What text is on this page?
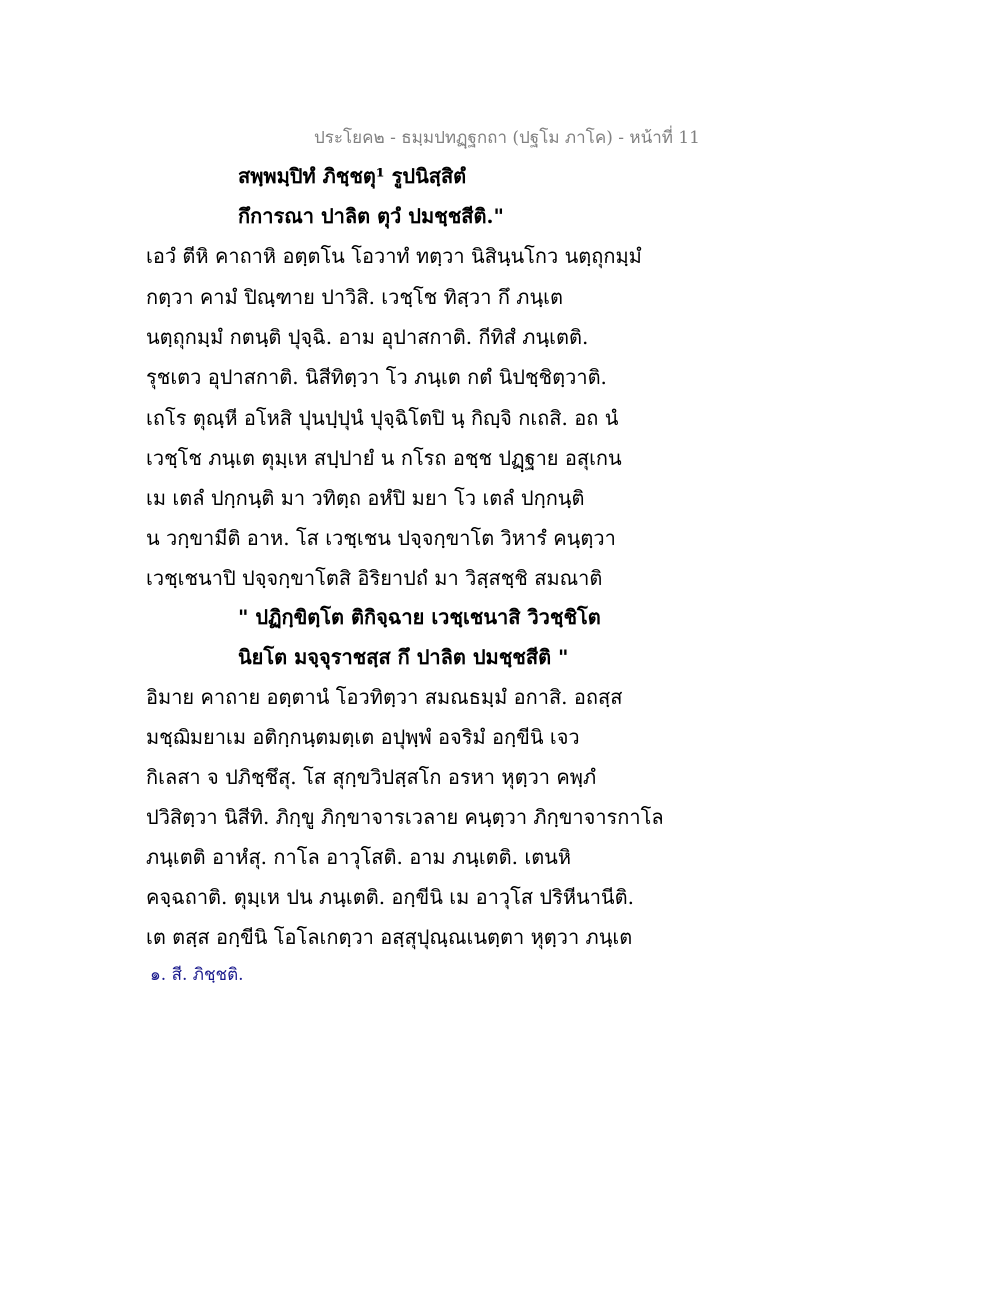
ประโยค๒ - ธมฺมปทฏฺฐกถา (ปฐโม ภาโค) - หน้าที่ 11
สพฺพมฺปิทํ ภิชฺชตุ¹ รูปนิสฺสิตํ
กึการณา ปาลิต ตุวํ ปมชฺชสีติ."
เอวํ ตีหิ คาถาหิ อตฺตโน โอวาทํ ทตฺวา นิสินฺนโกว นตฺถุกมฺมํ
กตฺวา คามํ ปิณฺฑาย ปาวิสิ. เวชฺโช ทิสฺวา กึ ภนฺเต
นตฺถุกมฺมํ กตนฺติ ปุจฺฉิ. อาม อุปาสกาติ. กีทิสํ ภนฺเตติ.
รุชเตว อุปาสกาติ. นิสีทิตฺวา โว ภนฺเต กตํ นิปชฺชิตฺวาติ.
เถโร ตุณฺหี อโหสิ ปุนปฺปุนํ ปุจฺฉิโตปิ นฺ กิญฺจิ กเถสิ. อถ นํ
เวชฺโช ภนฺเต ตุมฺเห สปฺปายํ น กโรถ อชฺช ปฏฺฐาย อสุเกน
เม เตลํ ปกฺกนฺติ มา วทิตฺถ อหํปิ มยา โว เตลํ ปกฺกนฺติ
น วกฺขามีติ อาห. โส เวชฺเชน ปจฺจกฺขาโต วิหารํ คนฺตฺวา
เวชฺเชนาปิ ปจฺจกฺขาโตสิ อิริยาปถํ มา วิสฺสชฺชิ สมณาติ
" ปฏิกฺขิตฺโต ติกิจฺฉาย เวชฺเชนาสิ วิวชฺชิโต
นิยโต มจฺจุราชสฺส กึ ปาลิต ปมชฺชสีติ "
อิมาย คาถาย อตฺตานํ โอวทิตฺวา สมณธมฺมํ อกาสิ. อถสฺส
มชฺฌิมยาเม อติกฺกนฺตมตฺเต อปุพฺพํ อจริมํ อกฺขีนิ เจว
กิเลสา จ ปภิชฺชึสุ. โส สุกฺขวิปสฺสโก อรหา หุตฺวา คพฺภํ
ปวิสิตฺวา นิสีทิ. ภิกฺขู ภิกฺขาจารเวลาย คนฺตฺวา ภิกฺขาจารกาโล
ภนฺเตติ อาหํสุ. กาโล อาวุโสติ. อาม ภนฺเตติ. เตนหิ
คจฺฉถาติ. ตุมฺเห ปน ภนฺเตติ. อกฺขีนิ เม อาวุโส ปริหีนานีติ.
เต ตสฺส อกฺขีนิ โอโลเกตฺวา อสฺสุปุณฺณเนตฺตา หุตฺวา ภนฺเต
๑. สี. ภิชฺชติ.
